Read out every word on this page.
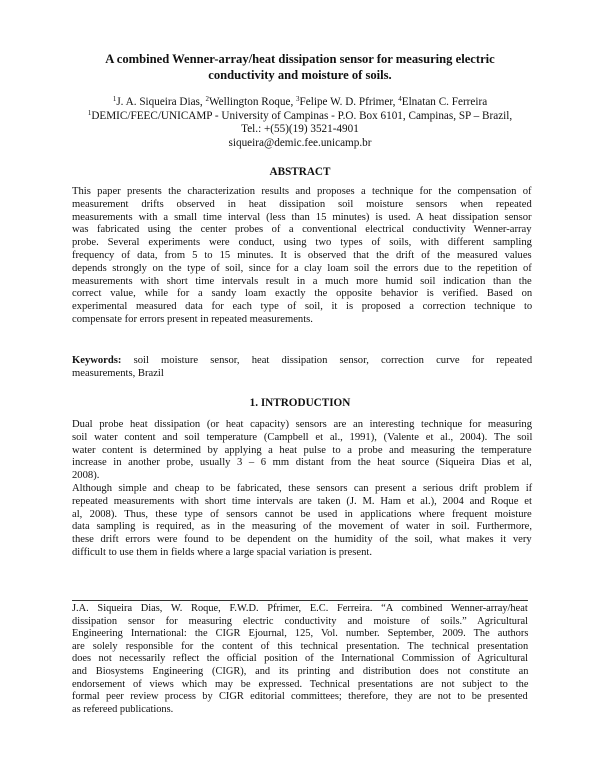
A combined Wenner-array/heat dissipation sensor for measuring electric
conductivity and moisture of soils.
$^1$J. A. Siqueira Dias, $^2$Wellington Roque, $^3$Felipe W. D. Pfrimer, $^4$Elnatan C. Ferreira
$^1$DEMIC/FEEC/UNICAMP - University of Campinas - P.O. Box 6101, Campinas, SP – Brazil,
Tel.: +(55)(19) 3521-4901
siqueira@demic.fee.unicamp.br
ABSTRACT
This paper presents the characterization results and proposes a technique for the compensation of
measurement drifts observed in heat dissipation soil moisture sensors when repeated
measurements with a small time interval (less than 15 minutes) is used. A heat dissipation sensor
was fabricated using the center probes of a conventional electrical conductivity Wenner-array
probe. Several experiments were conduct, using two types of soils, with different sampling
frequency of data, from 5 to 15 minutes. It is observed that the drift of the measured values
depends strongly on the type of soil, since for a clay loam soil the errors due to the repetition of
measurements with short time intervals result in a much more humid soil indication than the
correct value, while for a sandy loam exactly the opposite behavior is verified. Based on
experimental measured data for each type of soil, it is proposed a correction technique to
compensate for errors present in repeated measurements.
Keywords: soil moisture sensor, heat dissipation sensor, correction curve for repeated
measurements, Brazil
1. INTRODUCTION
Dual probe heat dissipation (or heat capacity) sensors are an interesting technique for measuring
soil water content and soil temperature (Campbell et al., 1991), (Valente et al., 2004). The soil
water content is determined by applying a heat pulse to a probe and measuring the temperature
increase in another probe, usually 3 – 6 mm distant from the heat source (Siqueira Dias et al,
2008).
Although simple and cheap to be fabricated, these sensors can present a serious drift problem if
repeated measurements with short time intervals are taken (J. M. Ham et al.), 2004 and Roque et
al, 2008). Thus, these type of sensors cannot be used in applications where frequent moisture
data sampling is required, as in the measuring of the movement of water in soil. Furthermore,
these drift errors were found to be dependent on the humidity of the soil, what makes it very
difficult to use them in fields where a large spacial variation is present.
J.A. Siqueira Dias, W. Roque, F.W.D. Pfrimer, E.C. Ferreira. “A combined Wenner-array/heat
dissipation sensor for measuring electric conductivity and moisture of soils.” Agricultural
Engineering International: the CIGR Ejournal, 125, Vol. number. September, 2009. The authors
are solely responsible for the content of this technical presentation. The technical presentation
does not necessarily reflect the official position of the International Commission of Agricultural
and Biosystems Engineering (CIGR), and its printing and distribution does not constitute an
endorsement of views which may be expressed. Technical presentations are not subject to the
formal peer review process by CIGR editorial committees; therefore, they are not to be presented
as refereed publications.
